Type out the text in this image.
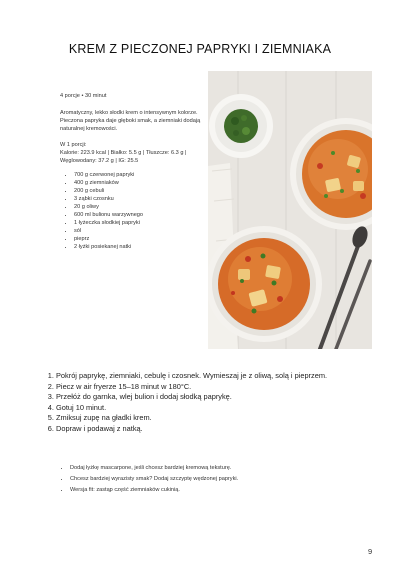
KREM Z PIECZONEJ PAPRYKI I ZIEMNIAKA

4 porcje • 30 minut

Aromatyczny, lekko słodki krem o intensywnym kolorze. Pieczona papryka daje głęboki smak, a ziemniaki dodają naturalnej kremowości.

W 1 porcji:

Kalorie: 223.9 kcal | Białko: 5.5 g | Tłuszcze: 6.3 g | Węglowodany: 37.2 g | IG: 25.5

• 700 g czerwonej papryki
• 400 g ziemniaków
• 200 g cebuli
• 3 ząbki czosnku
• 20 g oliwy
• 600 ml bulionu warzywnego
• 1 łyżeczka słodkiej papryki
• sól
• pieprz
• 2 łyżki posiekanej natki
1. Pokrój paprykę, ziemniaki, cebulę i czosnek. Wymieszaj je z oliwą, solą i pieprzem.
2. Piecz w air fryerze 15–18 minut w 180°C.
3. Przełóż do garnka, wlej bulion i dodaj słodką paprykę.
4. Gotuj 10 minut.
5. Zmiksuj zupę na gładki krem.
6. Dopraw i podawaj z natką.
• Dodaj łyżkę mascarpone, jeśli chcesz bardziej kremową teksturę.
• Chcesz bardziej wyrazisty smak? Dodaj szczyptę wędzonej papryki.
• Wersja fit: zastąp część ziemniaków cukinią.
9
